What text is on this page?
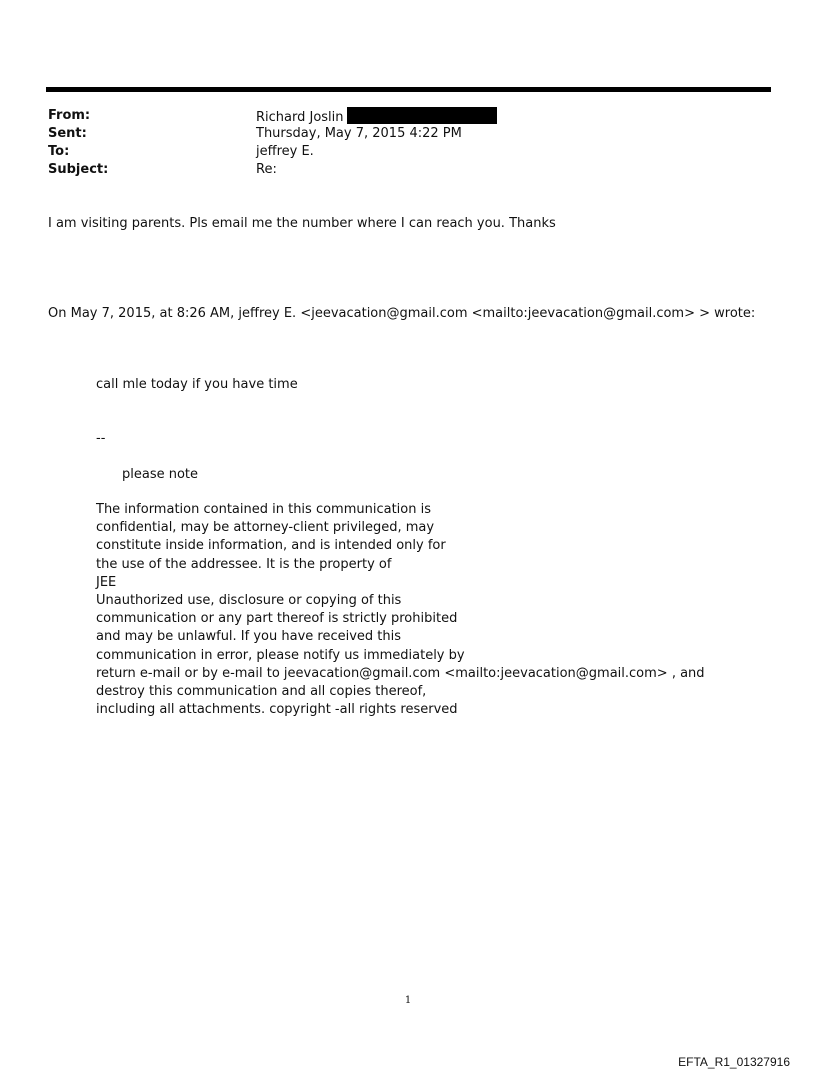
From:	Richard Joslin
Sent:	Thursday, May 7, 2015 4:22 PM
To:	jeffrey E.
Subject:	Re:
I am visiting parents. Pls email me the number where I can reach you. Thanks
On May 7, 2015, at 8:26 AM, jeffrey E. <jeevacation@gmail.com <mailto:jeevacation@gmail.com> > wrote:
call mle today if you have time
--
please note
The information contained in this communication is
confidential, may be attorney-client privileged, may
constitute inside information, and is intended only for
the use of the addressee. It is the property of
JEE
Unauthorized use, disclosure or copying of this
communication or any part thereof is strictly prohibited
and may be unlawful. If you have received this
communication in error, please notify us immediately by
return e-mail or by e-mail to jeevacation@gmail.com <mailto:jeevacation@gmail.com> , and
destroy this communication and all copies thereof,
including all attachments. copyright -all rights reserved
1
EFTA_R1_01327916
